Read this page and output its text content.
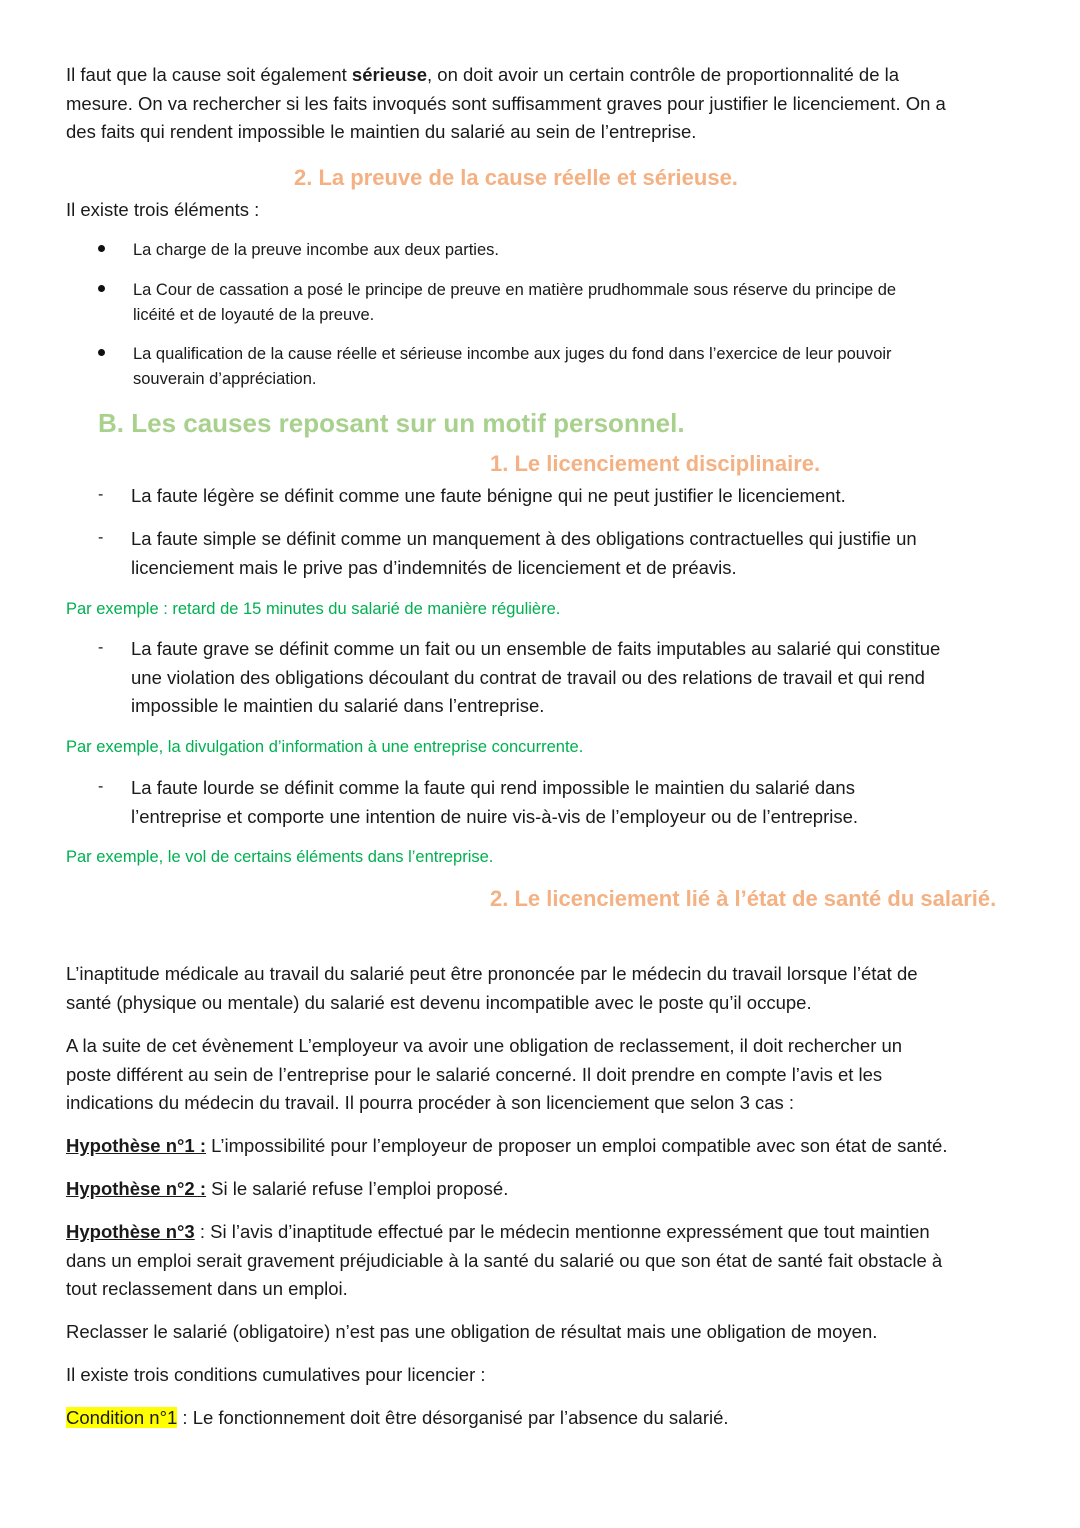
Il faut que la cause soit également sérieuse, on doit avoir un certain contrôle de proportionnalité de la
mesure. On va rechercher si les faits invoqués sont suffisamment graves pour justifier le licenciement. On a
des faits qui rendent impossible le maintien du salarié au sein de l’entreprise.
2. La preuve de la cause réelle et sérieuse.
Il existe trois éléments :
La charge de la preuve incombe aux deux parties.
La Cour de cassation a posé le principe de preuve en matière prudhommale sous réserve du principe de
licéité et de loyauté de la preuve.
La qualification de la cause réelle et sérieuse incombe aux juges du fond dans l’exercice de leur pouvoir
souverain d’appréciation.
B. Les causes reposant sur un motif personnel.
1. Le licenciement disciplinaire.
- La faute légère se définit comme une faute bénigne qui ne peut justifier le licenciement.
- La faute simple se définit comme un manquement à des obligations contractuelles qui justifie un
licenciement mais le prive pas d’indemnités de licenciement et de préavis.
Par exemple : retard de 15 minutes du salarié de manière régulière.
- La faute grave se définit comme un fait ou un ensemble de faits imputables au salarié qui constitue
une violation des obligations découlant du contrat de travail ou des relations de travail et qui rend
impossible le maintien du salarié dans l’entreprise.
Par exemple, la divulgation d’information à une entreprise concurrente.
- La faute lourde se définit comme la faute qui rend impossible le maintien du salarié dans
l’entreprise et comporte une intention de nuire vis-à-vis de l’employeur ou de l’entreprise.
Par exemple, le vol de certains éléments dans l’entreprise.
2. Le licenciement lié à l’état de santé du salarié.
L’inaptitude médicale au travail du salarié peut être prononcée par le médecin du travail lorsque l’état de
santé (physique ou mentale) du salarié est devenu incompatible avec le poste qu’il occupe.
A la suite de cet évènement L’employeur va avoir une obligation de reclassement, il doit rechercher un
poste différent au sein de l’entreprise pour le salarié concerné. Il doit prendre en compte l’avis et les
indications du médecin du travail. Il pourra procéder à son licenciement que selon 3 cas :
Hypothèse n°1 : L’impossibilité pour l’employeur de proposer un emploi compatible avec son état de santé.
Hypothèse n°2 : Si le salarié refuse l’emploi proposé.
Hypothèse n°3 : Si l’avis d’inaptitude effectué par le médecin mentionne expressément que tout maintien
dans un emploi serait gravement préjudiciable à la santé du salarié ou que son état de santé fait obstacle à
tout reclassement dans un emploi.
Reclasser le salarié (obligatoire) n’est pas une obligation de résultat mais une obligation de moyen.
Il existe trois conditions cumulatives pour licencier :
Condition n°1 : Le fonctionnement doit être désorganisé par l’absence du salarié.
